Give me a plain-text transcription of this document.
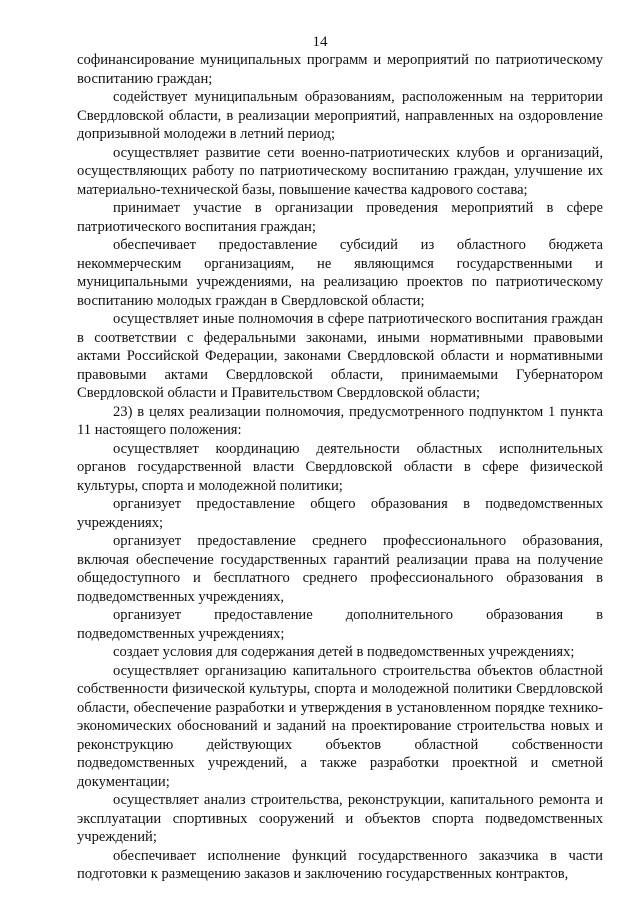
14

софинансирование муниципальных программ и мероприятий по патриотическому воспитанию граждан;

содействует муниципальным образованиям, расположенным на территории Свердловской области, в реализации мероприятий, направленных на оздоровление допризывной молодежи в летний период;

осуществляет развитие сети военно-патриотических клубов и организаций, осуществляющих работу по патриотическому воспитанию граждан, улучшение их материально-технической базы, повышение качества кадрового состава;

принимает участие в организации проведения мероприятий в сфере патриотического воспитания граждан;

обеспечивает предоставление субсидий из областного бюджета некоммерческим организациям, не являющимся государственными и муниципальными учреждениями, на реализацию проектов по патриотическому воспитанию молодых граждан в Свердловской области;

осуществляет иные полномочия в сфере патриотического воспитания граждан в соответствии с федеральными законами, иными нормативными правовыми актами Российской Федерации, законами Свердловской области и нормативными правовыми актами Свердловской области, принимаемыми Губернатором Свердловской области и Правительством Свердловской области;

23) в целях реализации полномочия, предусмотренного подпунктом 1 пункта 11 настоящего положения:

осуществляет координацию деятельности областных исполнительных органов государственной власти Свердловской области в сфере физической культуры, спорта и молодежной политики;

организует предоставление общего образования в подведомственных учреждениях;

организует предоставление среднего профессионального образования, включая обеспечение государственных гарантий реализации права на получение общедоступного и бесплатного среднего профессионального образования в подведомственных учреждениях,

организует предоставление дополнительного образования в подведомственных учреждениях;

создает условия для содержания детей в подведомственных учреждениях;

осуществляет организацию капитального строительства объектов областной собственности физической культуры, спорта и молодежной политики Свердловской области, обеспечение разработки и утверждения в установленном порядке технико-экономических обоснований и заданий на проектирование строительства новых и реконструкцию действующих объектов областной собственности подведомственных учреждений, а также разработки проектной и сметной документации;

осуществляет анализ строительства, реконструкции, капитального ремонта и эксплуатации спортивных сооружений и объектов спорта подведомственных учреждений;

обеспечивает исполнение функций государственного заказчика в части подготовки к размещению заказов и заключению государственных контрактов,
